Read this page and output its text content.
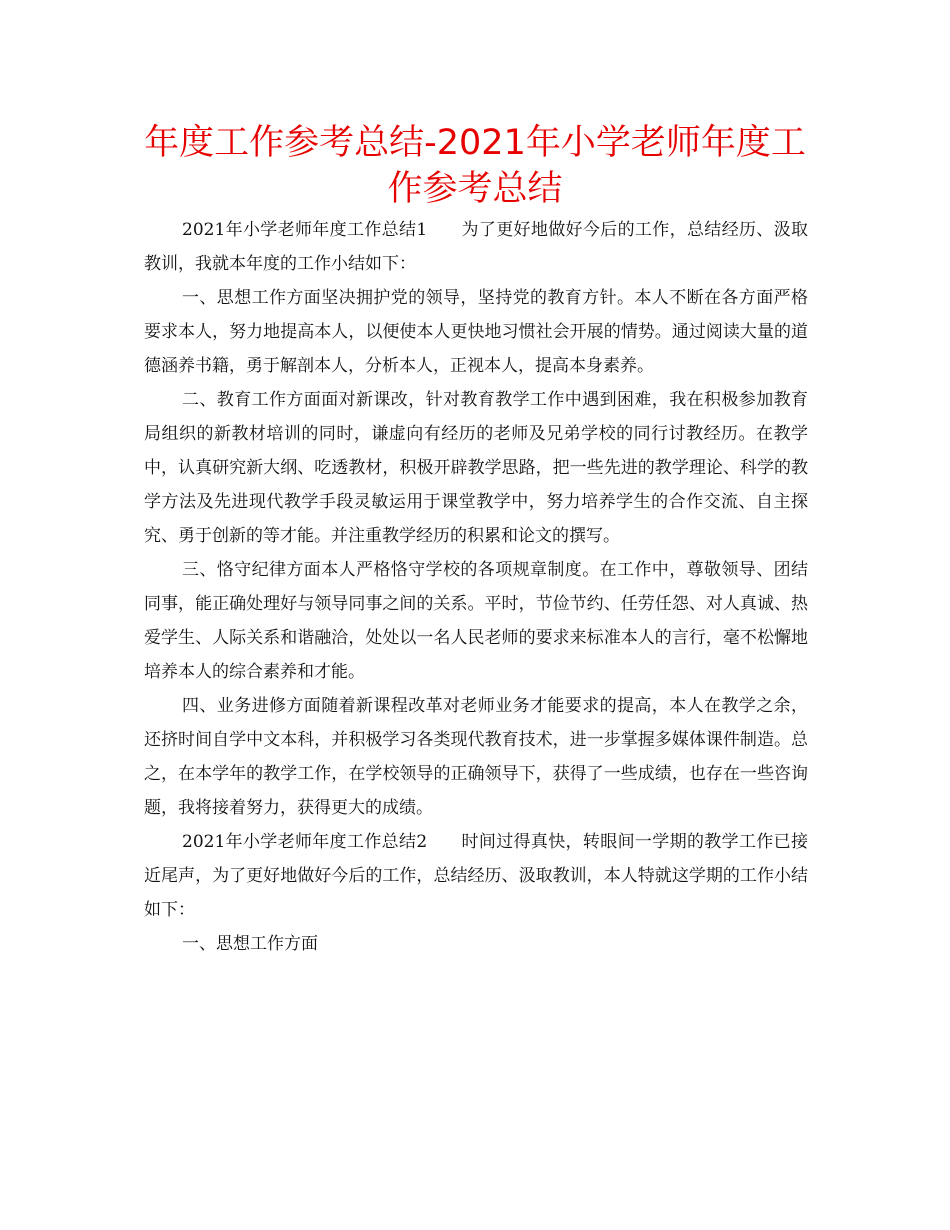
年度工作参考总结-2021年小学老师年度工作参考总结

2021年小学老师年度工作总结1 为了更好地做好今后的工作，总结经历、汲取教训，我就本年度的工作小结如下：

一、思想工作方面坚决拥护党的领导，坚持党的教育方针。本人不断在各方面严格要求本人，努力地提高本人，以便使本人更快地习惯社会开展的情势。通过阅读大量的道德涵养书籍，勇于解剖本人，分析本人，正视本人，提高本身素养。

二、教育工作方面面对新课改，针对教育教学工作中遇到困难，我在积极参加教育局组织的新教材培训的同时，谦虚向有经历的老师及兄弟学校的同行讨教经历。在教学中，认真研究新大纲、吃透教材，积极开辟教学思路，把一些先进的教学理论、科学的教学方法及先进现代教学手段灵敏运用于课堂教学中，努力培养学生的合作交流、自主探究、勇于创新的等才能。并注重教学经历的积累和论文的撰写。

三、恪守纪律方面本人严格恪守学校的各项规章制度。在工作中，尊敬领导、团结同事，能正确处理好与领导同事之间的关系。平时，节俭节约、任劳任怨、对人真诚、热爱学生、人际关系和谐融洽，处处以一名人民老师的要求来标准本人的言行，毫不松懈地培养本人的综合素养和才能。

四、业务进修方面随着新课程改革对老师业务才能要求的提高，本人在教学之余，还挤时间自学中文本科，并积极学习各类现代教育技术，进一步掌握多媒体课件制造。总之，在本学年的教学工作，在学校领导的正确领导下，获得了一些成绩，也存在一些咨询题，我将接着努力，获得更大的成绩。

2021年小学老师年度工作总结2 时间过得真快，转眼间一学期的教学工作已接近尾声，为了更好地做好今后的工作，总结经历、汲取教训，本人特就这学期的工作小结如下：

一、思想工作方面
